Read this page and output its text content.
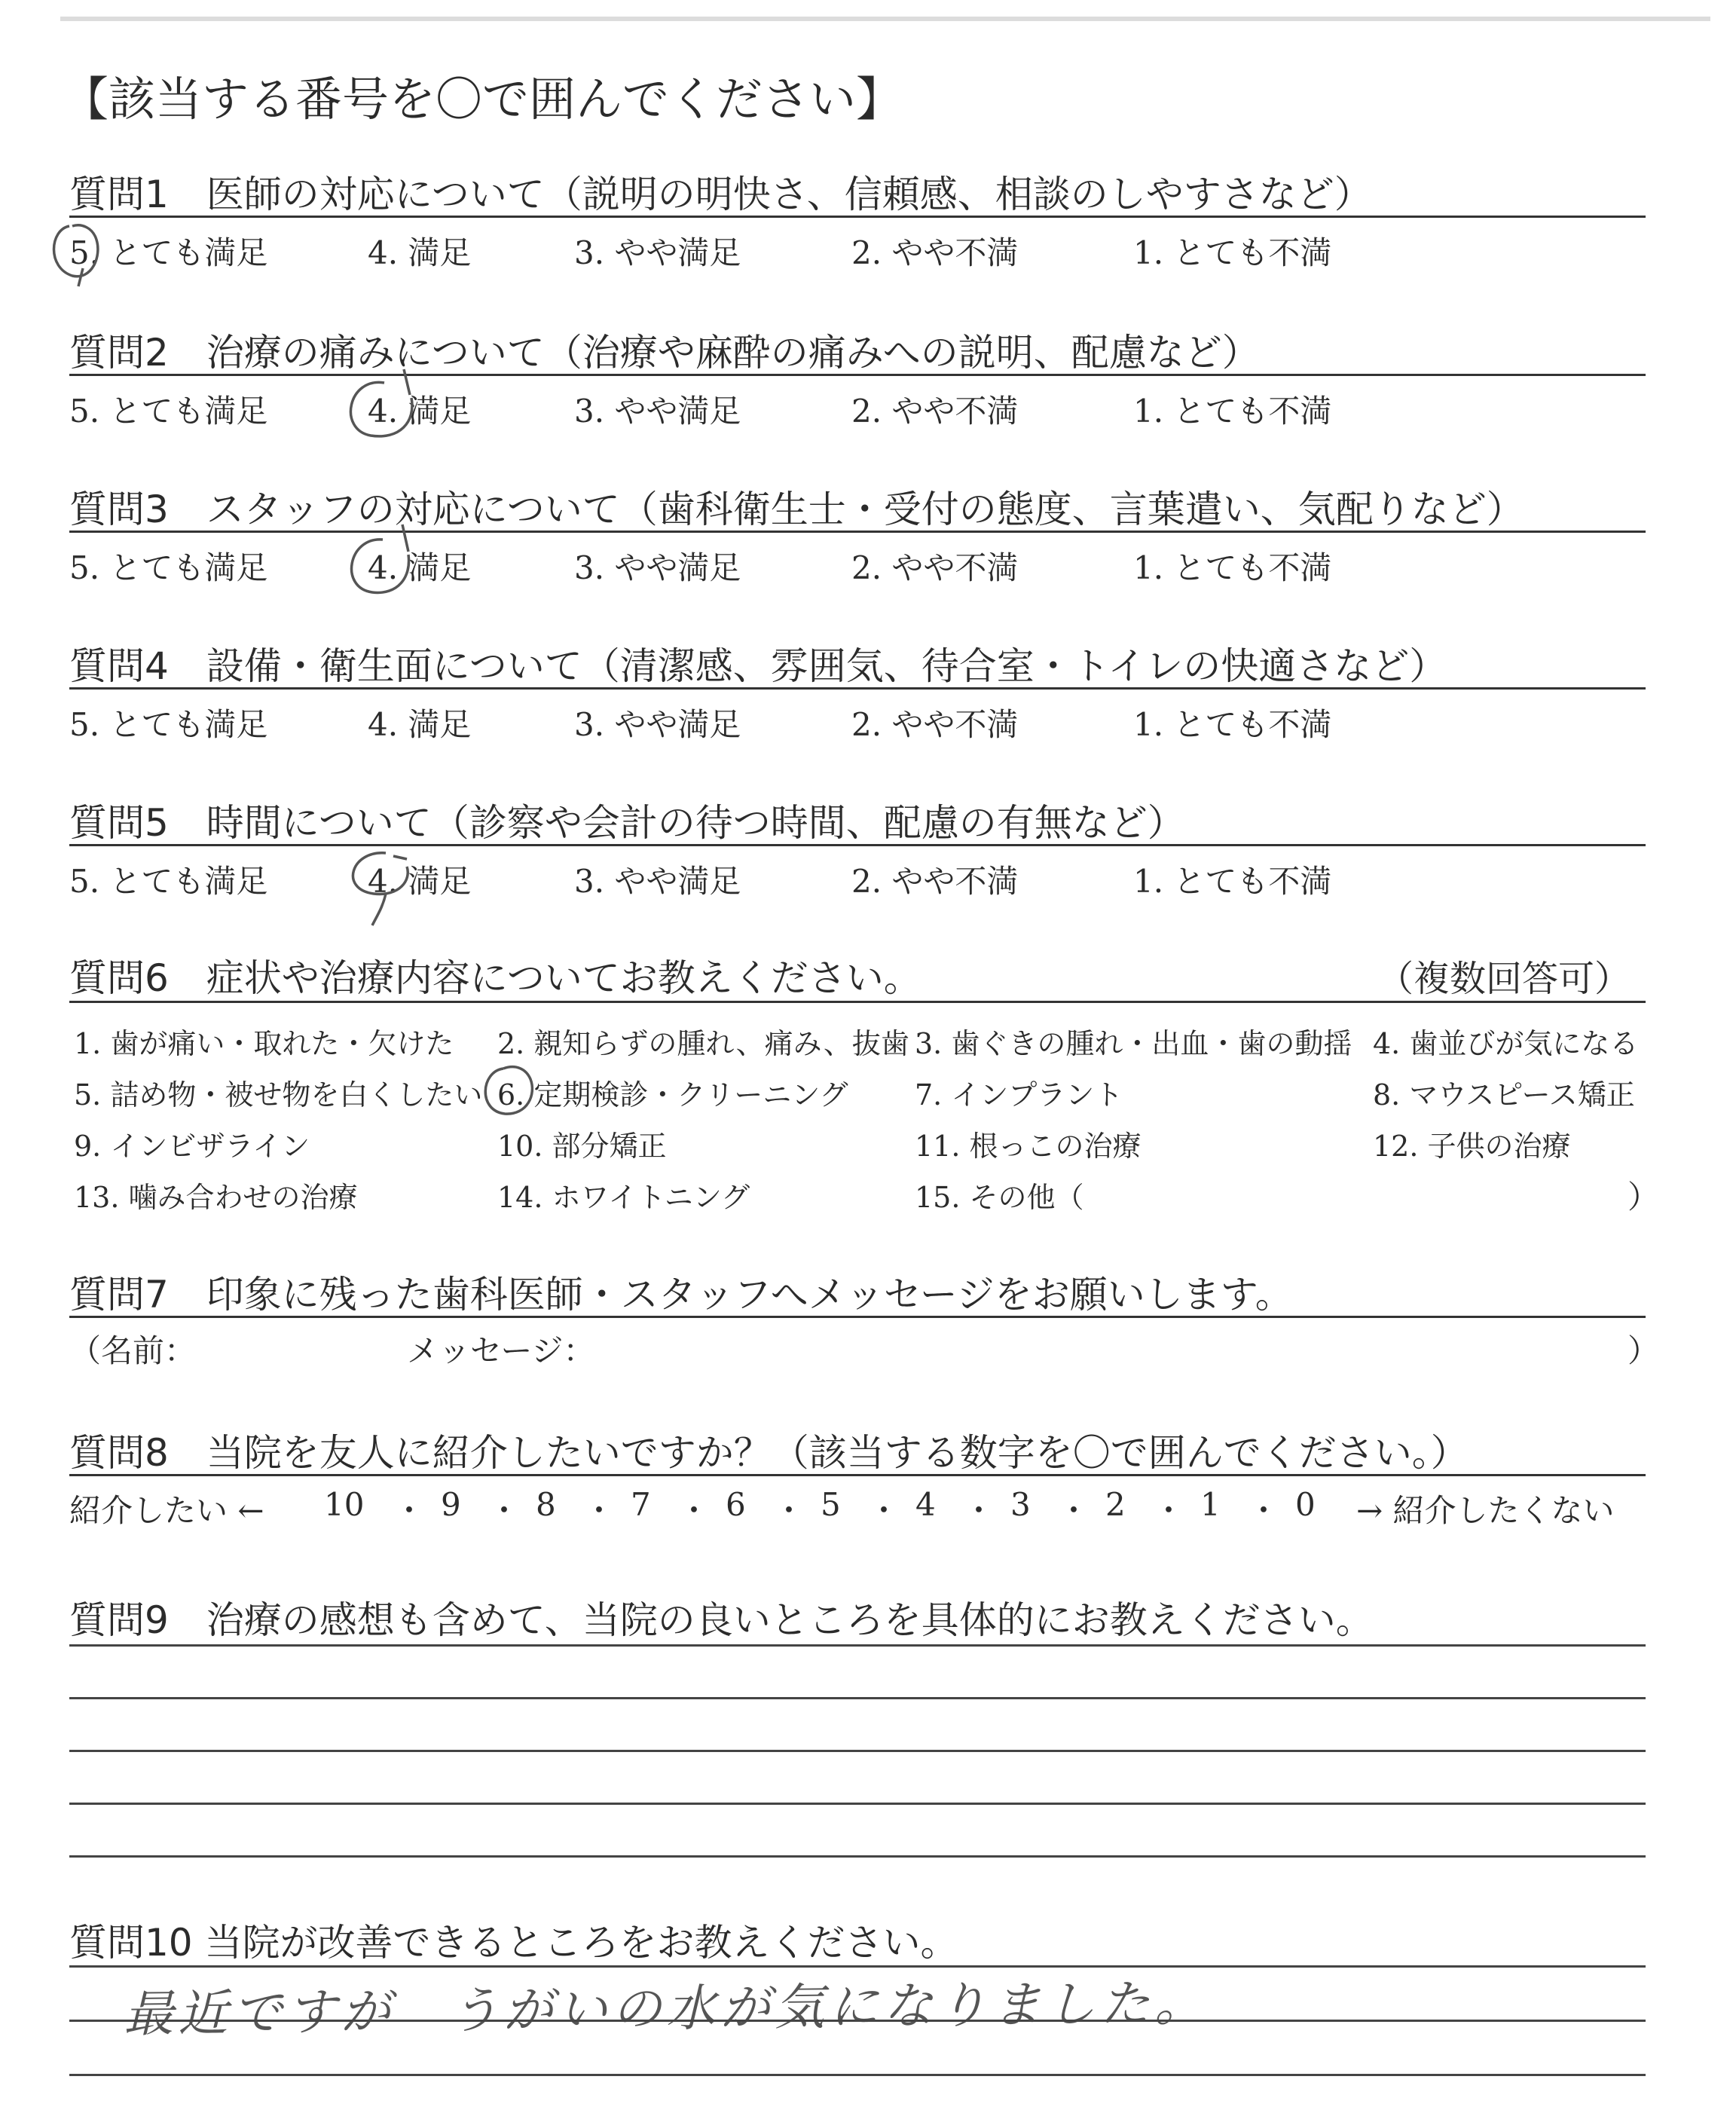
【該当する番号を〇で囲んでください】
質問1　医師の対応について（説明の明快さ、信頼感、相談のしやすさなど）
5. とても満足	4. 満足	3. やや満足	2. やや不満	1. とても不満
質問2　治療の痛みについて（治療や麻酔の痛みへの説明、配慮など）
5. とても満足	4. 満足	3. やや満足	2. やや不満	1. とても不満
質問3　スタッフの対応について（歯科衛生士・受付の態度、言葉遣い、気配りなど）
5. とても満足	4. 満足	3. やや満足	2. やや不満	1. とても不満
質問4　設備・衛生面について（清潔感、雰囲気、待合室・トイレの快適さなど）
5. とても満足	4. 満足	3. やや満足	2. やや不満	1. とても不満
質問5　時間について（診察や会計の待つ時間、配慮の有無など）
5. とても満足	4. 満足	3. やや満足	2. やや不満	1. とても不満
質問6　症状や治療内容についてお教えください。	（複数回答可）
1. 歯が痛い・取れた・欠けた 2. 親知らずの腫れ、痛み、抜歯 3. 歯ぐきの腫れ・出血・歯の動揺 4. 歯並びが気になる
5. 詰め物・被せ物を白くしたい 6. 定期検診・クリーニング 7. インプラント	8. マウスピース矯正
9. インビザライン	10. 部分矯正	11. 根っこの治療	12. 子供の治療
13. 噛み合わせの治療	14. ホワイトニング	15. その他（	）
質問7　印象に残った歯科医師・スタッフへメッセージをお願いします。
（名前：	メッセージ：	）
質問8　当院を友人に紹介したいですか？（該当する数字を〇で囲んでください。）
紹介したい ← 10 ・ 9 ・ 8 ・ 7 ・ 6 ・ 5 ・ 4 ・ 3 ・ 2 ・ 1 ・ 0 → 紹介したくない
質問9　治療の感想も含めて、当院の良いところを具体的にお教えください。
質問10 当院が改善できるところをお教えください。
最近ですが　うがいの水が気になりました。
